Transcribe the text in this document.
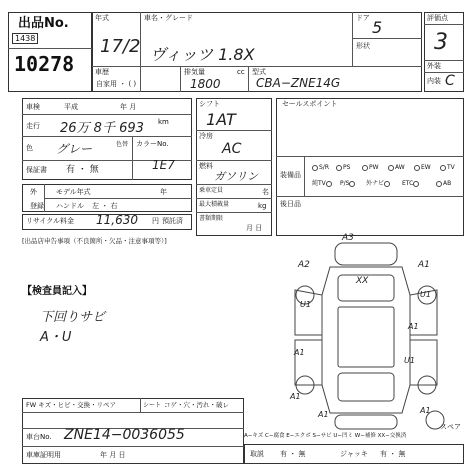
出品No.
1438
10278
年式
17/2
車名・グレード
ヴィッツ 1.8X
ドア 5
形状
車歴
自家用 ・ ( )
排気量	cc
1800
型式
CBA−ZNE14G
評価点
3
外装
内装 C
車検	平成	年 月
走行 26万 8千 693 km
色 グレー	色替 カラーNo.
1E7
保証書 有 ・ 無
シフト
1AT
冷房
AC
燃料
ガソリン
乗車定員	名
最大積載量	kg
書類期限
月 日
セールスポイント
装備品
後日品
S/R	PS	PW	AW	EW	TV
純TV	P/S	外ナビ	ETC	AB
外	モデル年式	年
ハンドル 左 ・ 右
登録
リサイクル料金 11,630 円 預託済
[出品店申告事項（不良箇所・欠品・注意事項等）]
【検査員記入】
下回りサビ
A・U
A3
A2	A1
XX
U1
U1
A1
A1
U1
A1
A1	A1
スペア
A−キズ C−腐食 E−エクボ S−サビ U−凹ミ W−補修 XX−交換済
FW キズ・ヒビ・交換・リペア	シート コゲ・穴・汚れ・破レ
車台No. ZNE14−0036055
車庫証明用	年 月 日	取説 有 ・ 無	ジャッキ 有 ・ 無
